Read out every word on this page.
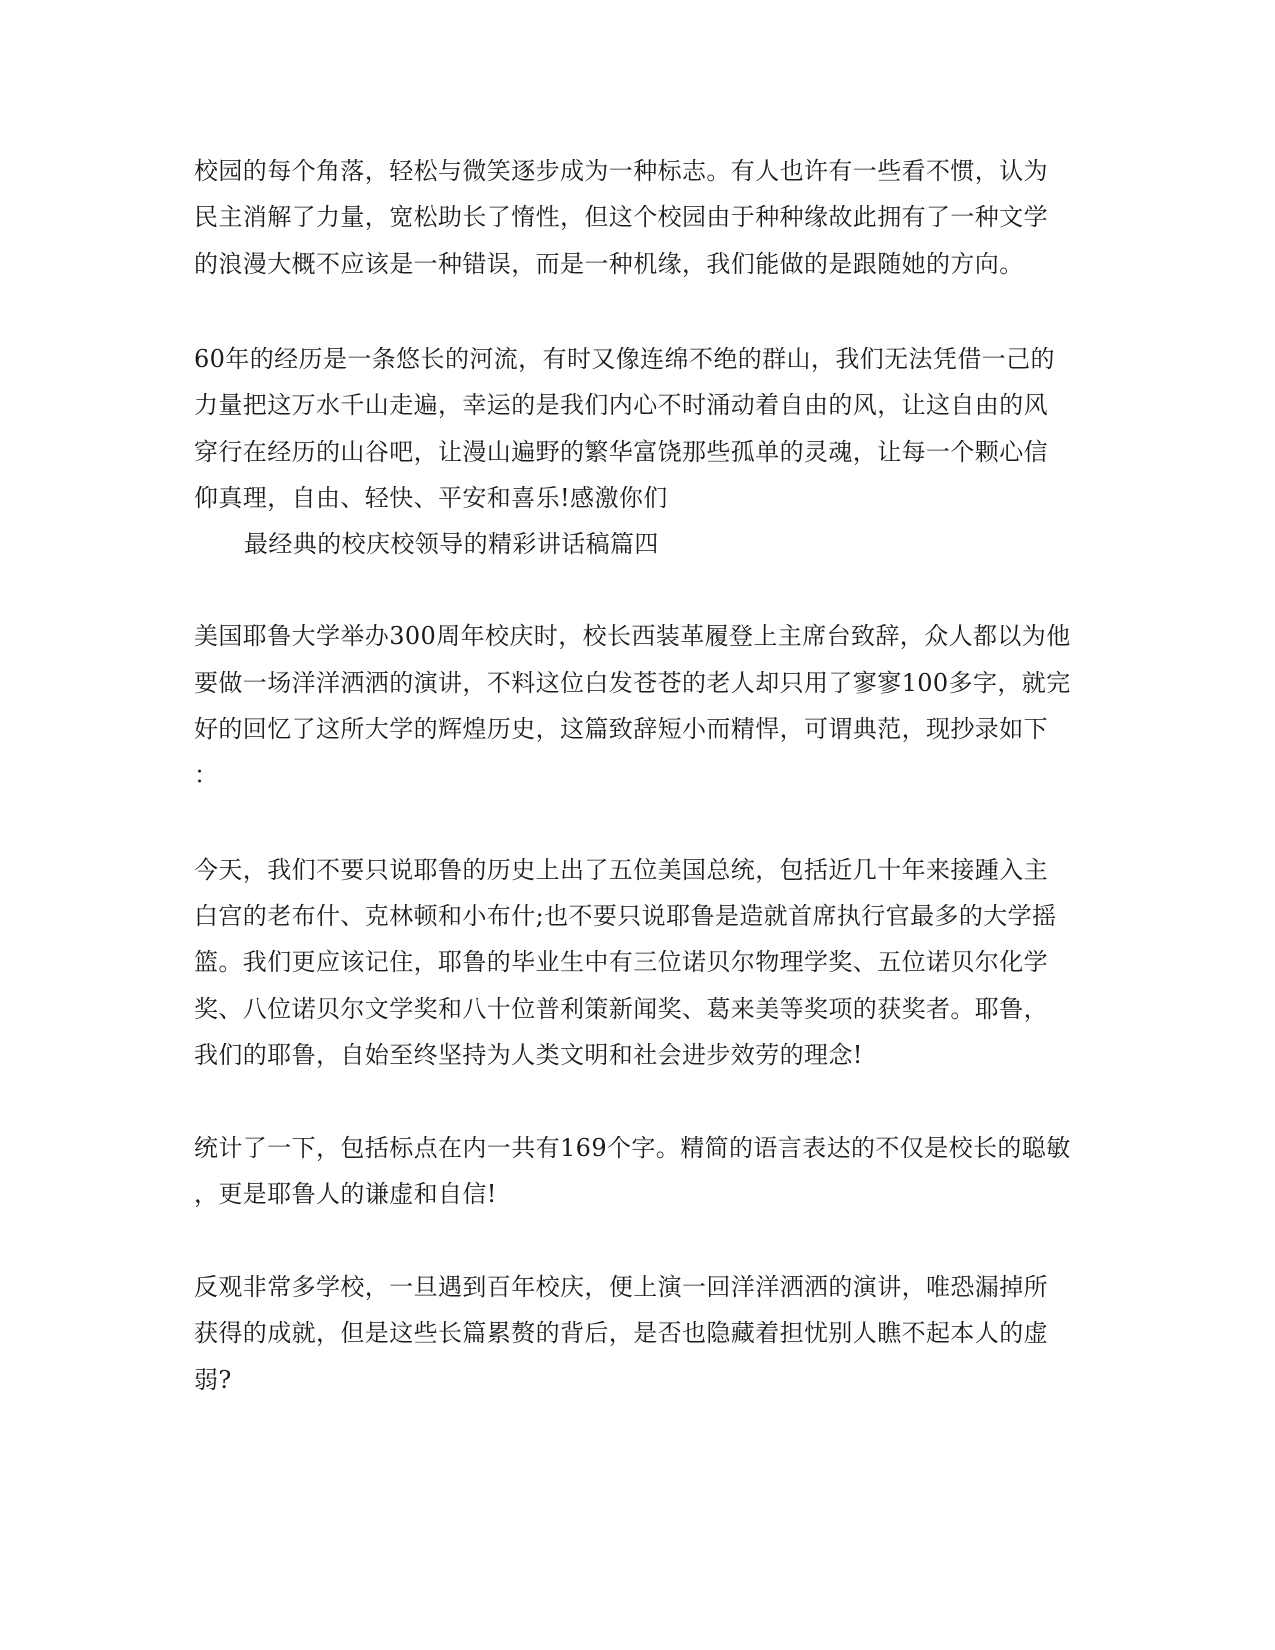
校园的每个角落，轻松与微笑逐步成为一种标志。有人也许有一些看不惯，认为
民主消解了力量，宽松助长了惰性，但这个校园由于种种缘故此拥有了一种文学
的浪漫大概不应该是一种错误，而是一种机缘，我们能做的是跟随她的方向。
60年的经历是一条悠长的河流，有时又像连绵不绝的群山，我们无法凭借一己的
力量把这万水千山走遍，幸运的是我们内心不时涌动着自由的风，让这自由的风
穿行在经历的山谷吧，让漫山遍野的繁华富饶那些孤单的灵魂，让每一个颗心信
仰真理，自由、轻快、平安和喜乐!感激你们
最经典的校庆校领导的精彩讲话稿篇四
美国耶鲁大学举办300周年校庆时，校长西装革履登上主席台致辞，众人都以为他
要做一场洋洋洒洒的演讲，不料这位白发苍苍的老人却只用了寥寥100多字，就完
好的回忆了这所大学的辉煌历史，这篇致辞短小而精悍，可谓典范，现抄录如下
：
今天，我们不要只说耶鲁的历史上出了五位美国总统，包括近几十年来接踵入主
白宫的老布什、克林顿和小布什;也不要只说耶鲁是造就首席执行官最多的大学摇
篮。我们更应该记住，耶鲁的毕业生中有三位诺贝尔物理学奖、五位诺贝尔化学
奖、八位诺贝尔文学奖和八十位普利策新闻奖、葛来美等奖项的获奖者。耶鲁，
我们的耶鲁，自始至终坚持为人类文明和社会进步效劳的理念!
统计了一下，包括标点在内一共有169个字。精简的语言表达的不仅是校长的聪敏
，更是耶鲁人的谦虚和自信!
反观非常多学校，一旦遇到百年校庆，便上演一回洋洋洒洒的演讲，唯恐漏掉所
获得的成就，但是这些长篇累赘的背后，是否也隐藏着担忧别人瞧不起本人的虚
弱?
